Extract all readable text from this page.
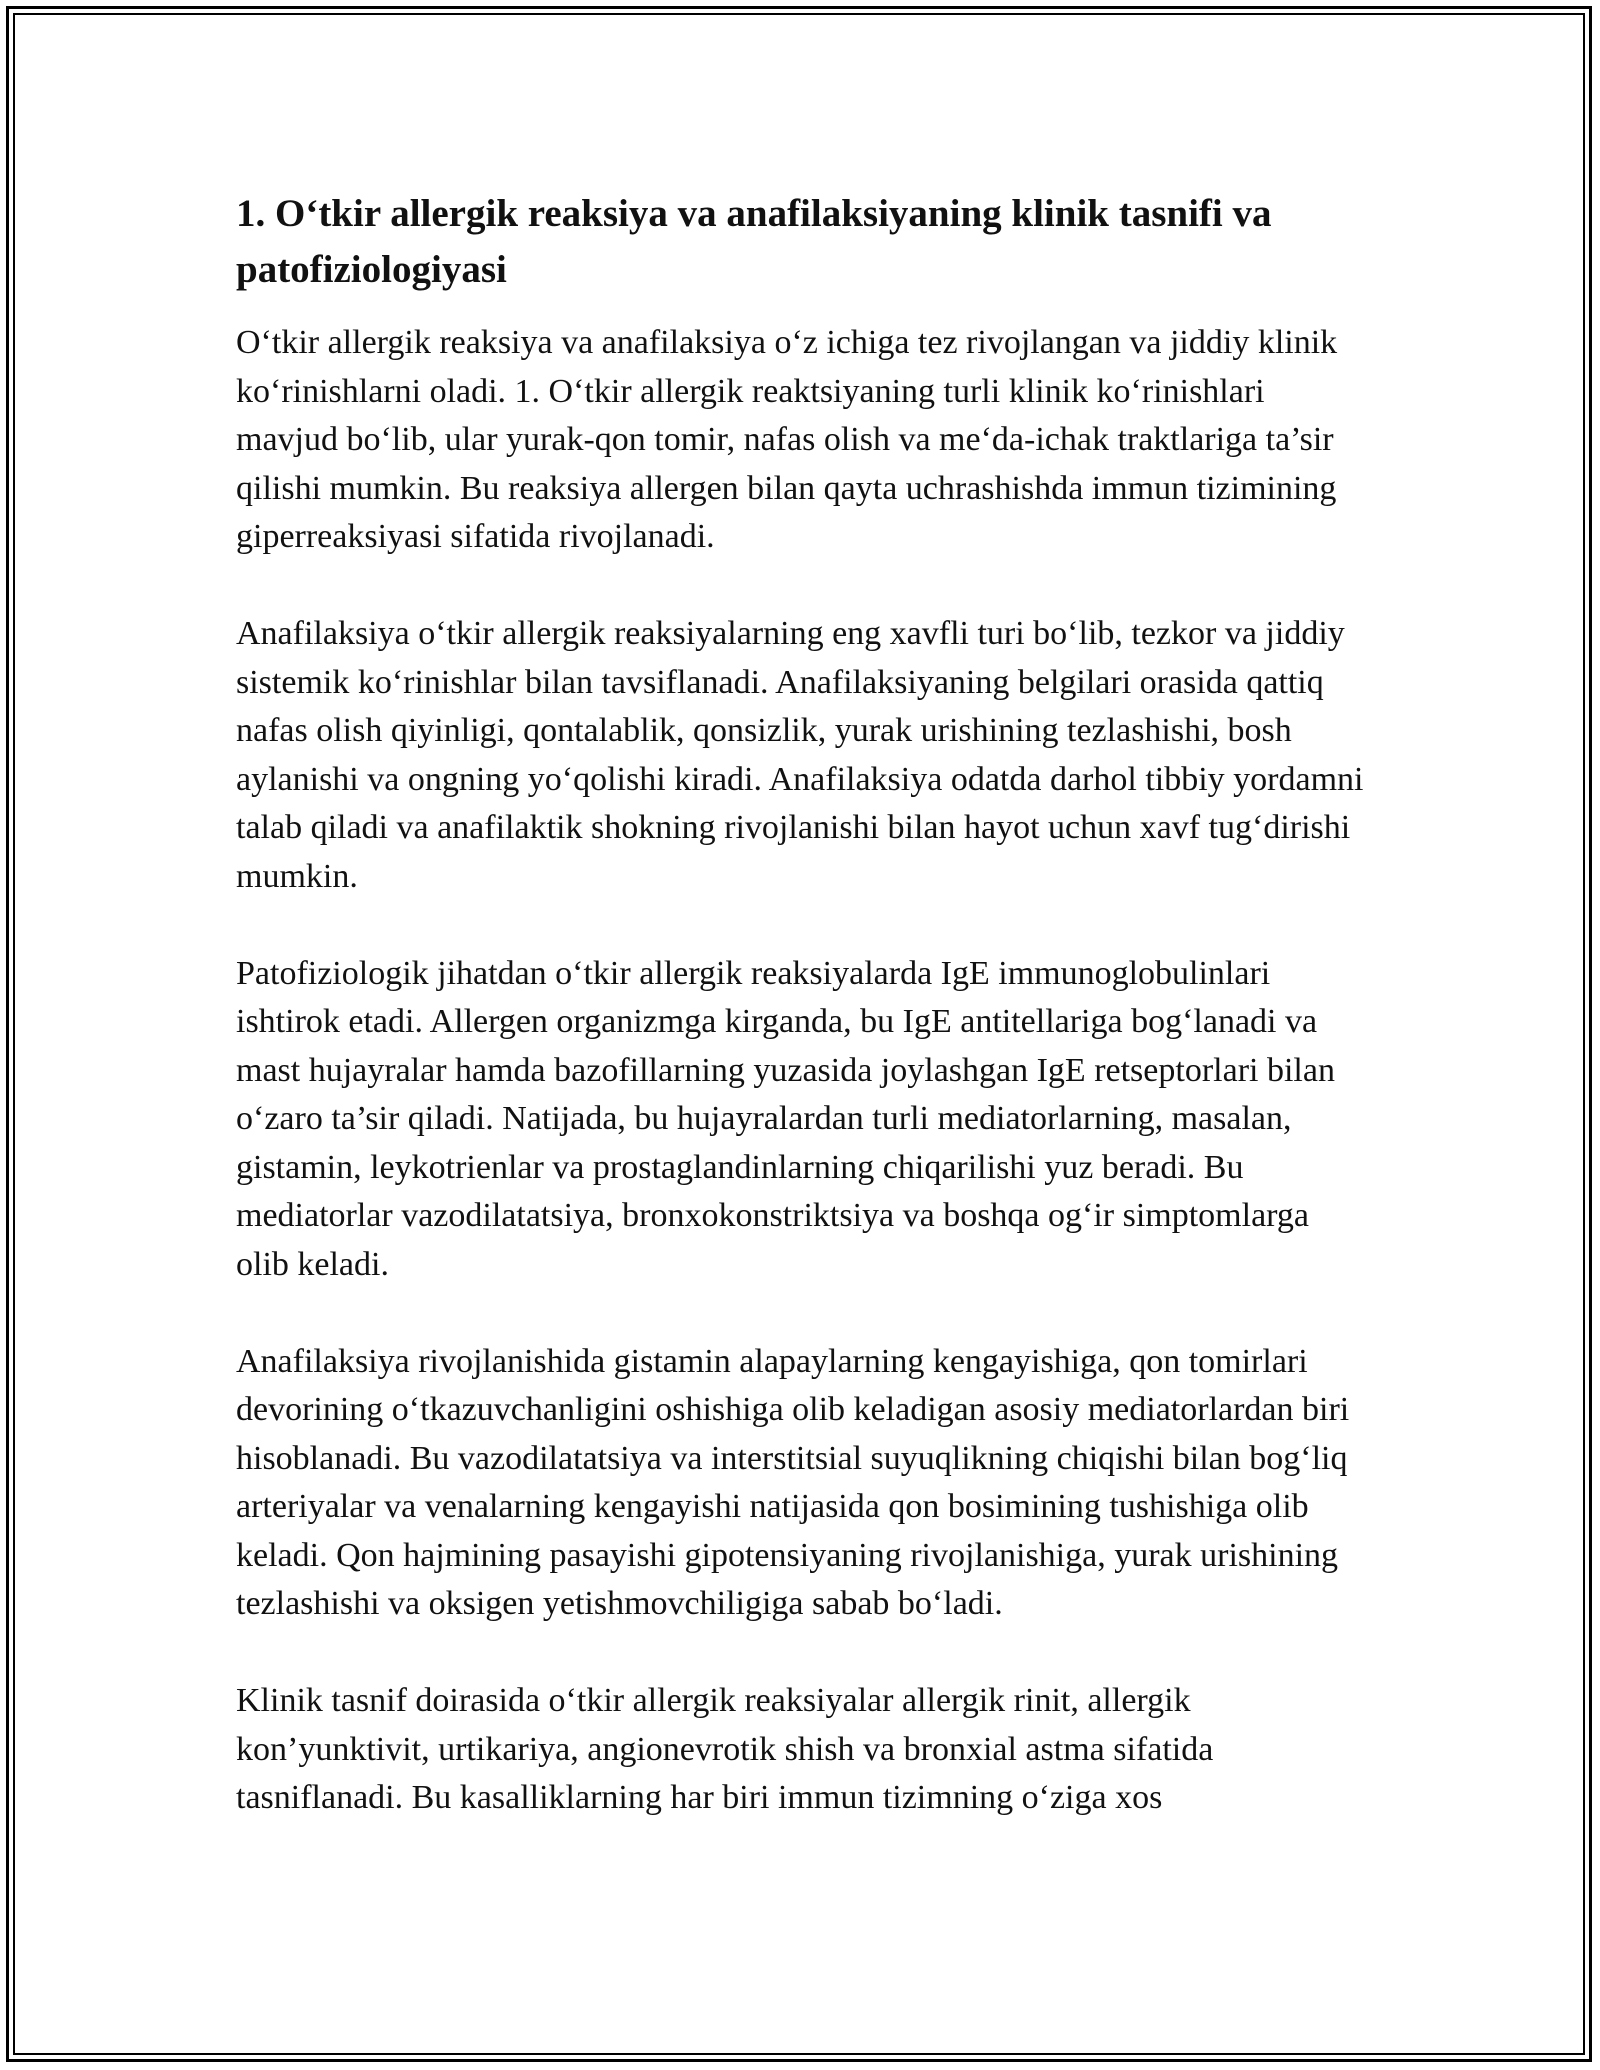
1. O‘tkir allergik reaksiya va anafilaksiyaning klinik tasnifi va patofiziologiyasi

O‘tkir allergik reaksiya va anafilaksiya o‘z ichiga tez rivojlangan va jiddiy klinik ko‘rinishlarni oladi. 1. O‘tkir allergik reaktsiyaning turli klinik ko‘rinishlari mavjud bo‘lib, ular yurak-qon tomir, nafas olish va me‘da-ichak traktlariga ta’sir qilishi mumkin. Bu reaksiya allergen bilan qayta uchrashishda immun tizimining giperreaksiyasi sifatida rivojlanadi.

Anafilaksiya o‘tkir allergik reaksiyalarning eng xavfli turi bo‘lib, tezkor va jiddiy sistemik ko‘rinishlar bilan tavsiflanadi. Anafilaksiyaning belgilari orasida qattiq nafas olish qiyinligi, qontalablik, qonsizlik, yurak urishining tezlashishi, bosh aylanishi va ongning yo‘qolishi kiradi. Anafilaksiya odatda darhol tibbiy yordamni talab qiladi va anafilaktik shokning rivojlanishi bilan hayot uchun xavf tug‘dirishi mumkin.

Patofiziologik jihatdan o‘tkir allergik reaksiyalarda IgE immunoglobulinlari ishtirok etadi. Allergen organizmga kirganda, bu IgE antitellariga bog‘lanadi va mast hujayralar hamda bazofillarning yuzasida joylashgan IgE retseptorlari bilan o‘zaro ta’sir qiladi. Natijada, bu hujayralardan turli mediatorlarning, masalan, gistamin, leykotrienlar va prostaglandinlarning chiqarilishi yuz beradi. Bu mediatorlar vazodilatatsiya, bronxokonstriktsiya va boshqa og‘ir simptomlarga olib keladi.

Anafilaksiya rivojlanishida gistamin alapaylarning kengayishiga, qon tomirlari devorining o‘tkazuvchanligini oshishiga olib keladigan asosiy mediatorlardan biri hisoblanadi. Bu vazodilatatsiya va interstitsial suyuqlikning chiqishi bilan bog‘liq arteriyalar va venalarning kengayishi natijasida qon bosimining tushishiga olib keladi. Qon hajmining pasayishi gipotensiyaning rivojlanishiga, yurak urishining tezlashishi va oksigen yetishmovchiligiga sabab bo‘ladi.

Klinik tasnif doirasida o‘tkir allergik reaksiyalar allergik rinit, allergik kon’yunktivit, urtikariya, angionevrotik shish va bronxial astma sifatida tasniflanadi. Bu kasalliklarning har biri immun tizimning o‘ziga xos
